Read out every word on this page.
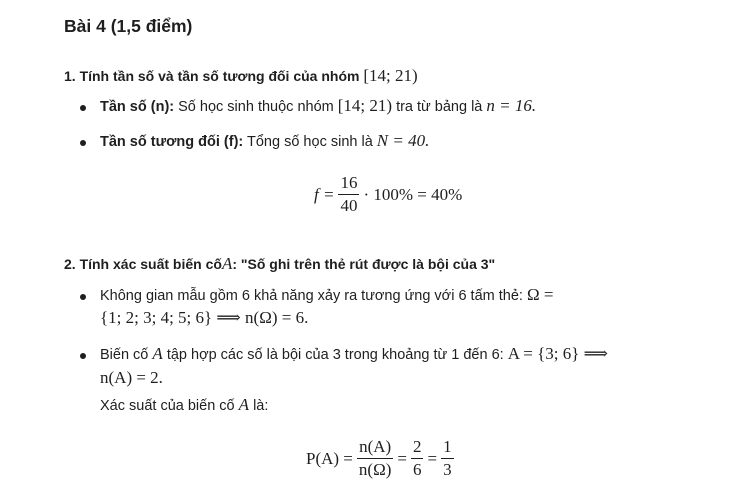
Bài 4 (1,5 điểm)
1. Tính tần số và tần số tương đối của nhóm [14; 21)
Tần số (n): Số học sinh thuộc nhóm [14; 21) tra từ bảng là n = 16.
Tần số tương đối (f): Tổng số học sinh là N = 40.
$f = \frac{16}{40} \cdot 100\% = 40\%$
2. Tính xác suất biến cốA: "Số ghi trên thẻ rút được là bội của 3"
Không gian mẫu gồm 6 khả năng xảy ra tương ứng với 6 tấm thẻ: Ω =
{1; 2; 3; 4; 5; 6} ⟹ n(Ω) = 6.
Biến cố A tập hợp các số là bội của 3 trong khoảng từ 1 đến 6: A = {3; 6} ⟹
n(A) = 2.
Xác suất của biến cố A là:
$P(A) = \frac{n(A)}{n(\Omega)} = \frac{2}{6} = \frac{1}{3}$
